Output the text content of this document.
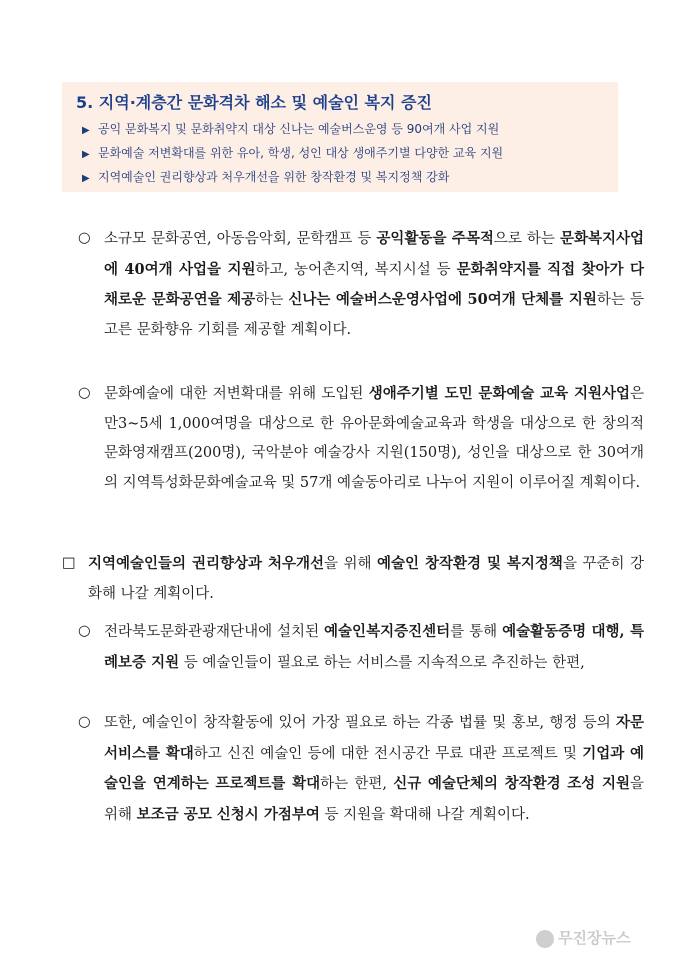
5. 지역·계층간 문화격차 해소 및 예술인 복지 증진
▶ 공익 문화복지 및 문화취약지 대상 신나는 예술버스운영 등 90여개 사업 지원
▶ 문화예술 저변확대를 위한 유아, 학생, 성인 대상 생애주기별 다양한 교육 지원
▶ 지역예술인 권리향상과 처우개선을 위한 창작환경 및 복지정책 강화
○ 소규모 문화공연, 아동음악회, 문학캠프 등 공익활동을 주목적으로 하는 문화복지사업에 40여개 사업을 지원하고, 농어촌지역, 복지시설 등 문화취약지를 직접 찾아가 다채로운 문화공연을 제공하는 신나는 예술버스운영사업에 50여개 단체를 지원하는 등 고른 문화향유 기회를 제공할 계획이다.
○ 문화예술에 대한 저변확대를 위해 도입된 생애주기별 도민 문화예술 교육 지원사업은 만3~5세 1,000여명을 대상으로 한 유아문화예술교육과 학생을 대상으로 한 창의적 문화영재캠프(200명), 국악분야 예술강사 지원(150명), 성인을 대상으로 한 30여개의 지역특성화문화예술교육 및 57개 예술동아리로 나누어 지원이 이루어질 계획이다.
□ 지역예술인들의 권리향상과 처우개선을 위해 예술인 창작환경 및 복지정책을 꾸준히 강화해 나갈 계획이다.
○ 전라북도문화관광재단내에 설치된 예술인복지증진센터를 통해 예술활동증명 대행, 특례보증 지원 등 예술인들이 필요로 하는 서비스를 지속적으로 추진하는 한편,
○ 또한, 예술인이 창작활동에 있어 가장 필요로 하는 각종 법률 및 홍보, 행정 등의 자문서비스를 확대하고 신진 예술인 등에 대한 전시공간 무료 대관 프로젝트 및 기업과 예술인을 연계하는 프로젝트를 확대하는 한편, 신규 예술단체의 창작환경 조성 지원을 위해 보조금 공모 신청시 가점부여 등 지원을 확대해 나갈 계획이다.
무진장뉴스
